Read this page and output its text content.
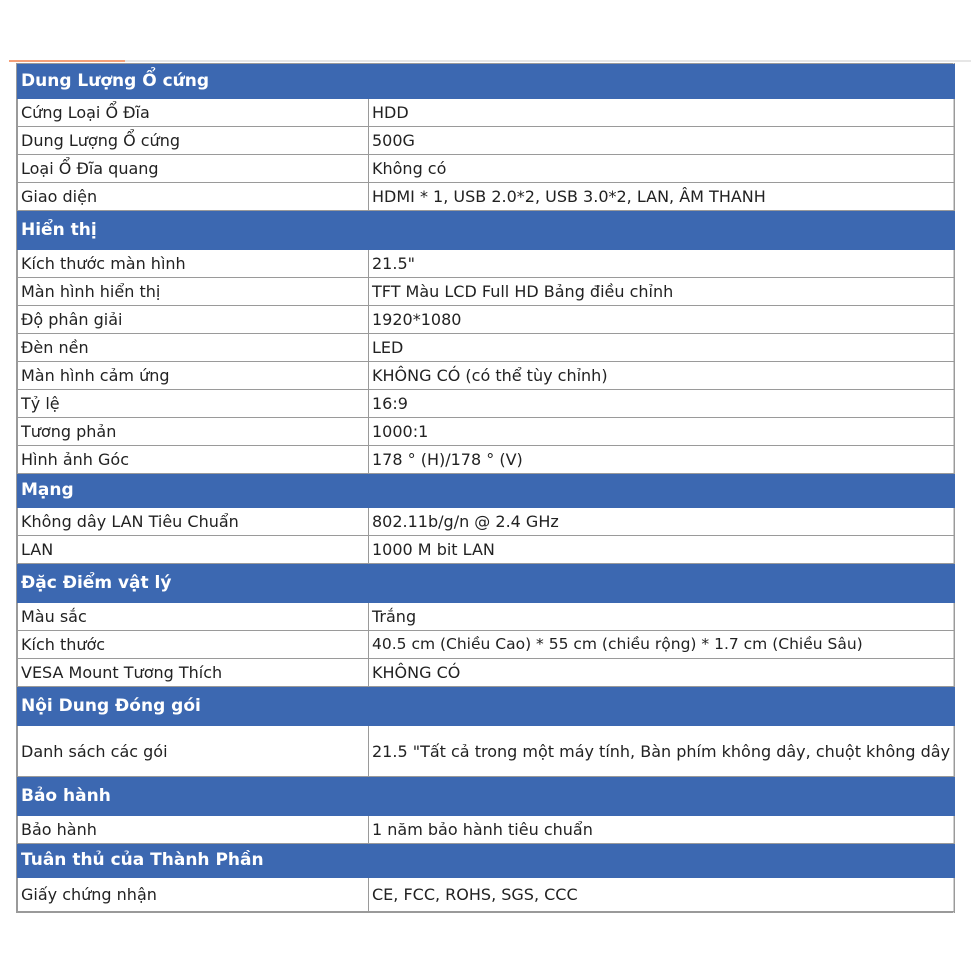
Dung Lượng Ổ cứng	
Cứng Loại Ổ Đĩa	HDD
Dung Lượng Ổ cứng	500G
Loại Ổ Đĩa quang	Không có
Giao diện	HDMI * 1, USB 2.0*2, USB 3.0*2, LAN, ÂM THANH
Hiển thị	
Kích thước màn hình	21.5"
Màn hình hiển thị	TFT Màu LCD Full HD Bảng điều chỉnh
Độ phân giải	1920*1080
Đèn nền	LED
Màn hình cảm ứng	KHÔNG CÓ (có thể tùy chỉnh)
Tỷ lệ	16:9
Tương phản	1000:1
Hình ảnh Góc	178 ° (H)/178 ° (V)
Mạng	
Không dây LAN Tiêu Chuẩn	802.11b/g/n @ 2.4 GHz
LAN	1000 M bit LAN
Đặc Điểm vật lý	
Màu sắc	Trắng
Kích thước	40.5 cm (Chiều Cao) * 55 cm (chiều rộng) * 1.7 cm (Chiều Sâu)
VESA Mount Tương Thích	KHÔNG CÓ
Nội Dung Đóng gói	
Danh sách các gói	21.5 "Tất cả trong một máy tính, Bàn phím không dây, chuột không dây
Bảo hành	
Bảo hành	1 năm bảo hành tiêu chuẩn
Tuân thủ của Thành Phần	
Giấy chứng nhận	CE, FCC, ROHS, SGS, CCC
